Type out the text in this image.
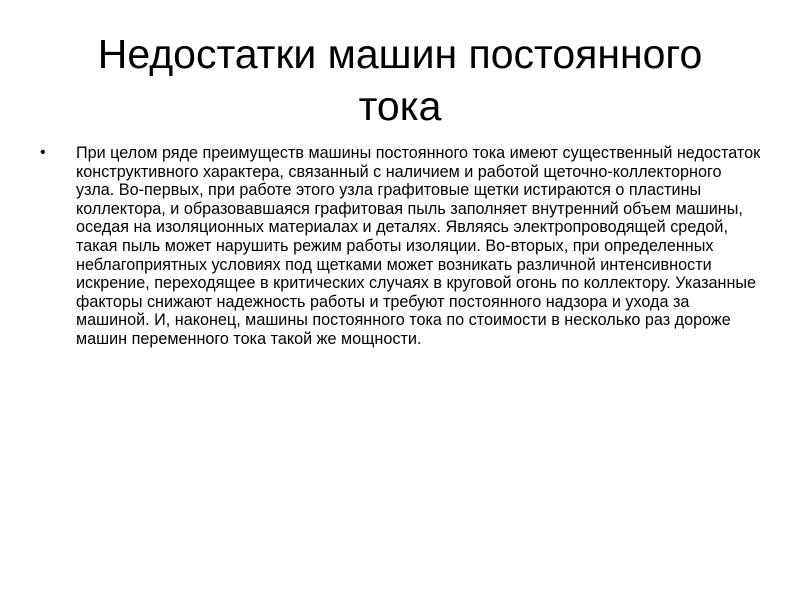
Недостатки машин постоянного тока
•	При целом ряде преимуществ машины постоянного тока имеют существенный недостаток конструктивного характера, связанный с наличием и работой щеточно-коллекторного узла. Во-первых, при работе этого узла графитовые щетки истираются о пластины коллектора, и образовавшаяся графитовая пыль заполняет внутренний объем машины, оседая на изоляционных материалах и деталях. Являясь электропроводящей средой, такая пыль может нарушить режим работы изоляции. Во-вторых, при определенных неблагоприятных условиях под щетками может возникать различной интенсивности искрение, переходящее в критических случаях в круговой огонь по коллектору. Указанные факторы снижают надежность работы и требуют постоянного надзора и ухода за машиной. И, наконец, машины постоянного тока по стоимости в несколько раз дороже машин переменного тока такой же мощности.
